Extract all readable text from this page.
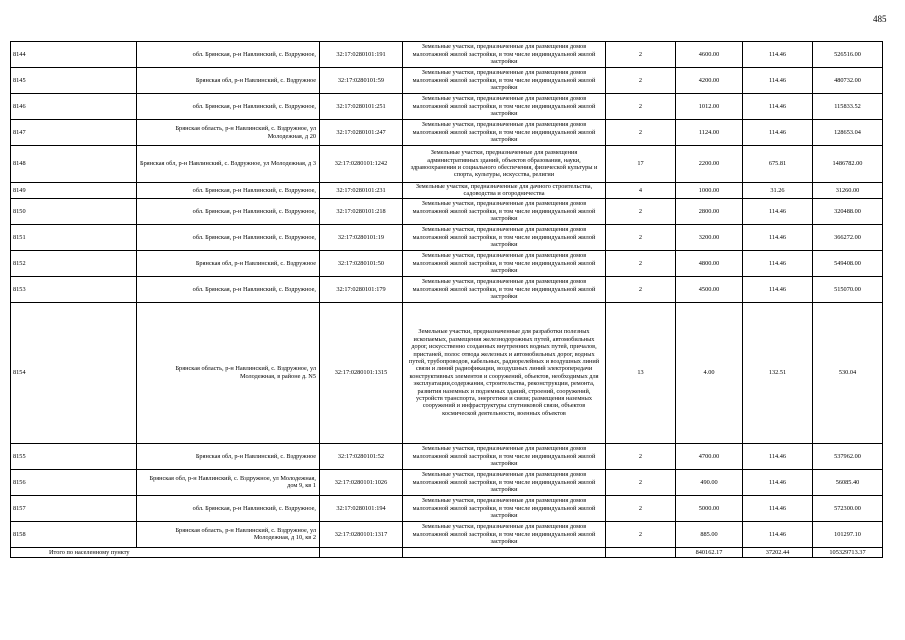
485
8144	обл. Брянская, р-н Навлинский, с. Вздружное,	32:17:0280101:191	Земельные участки, предназначенные для размещения домов малоэтажной жилой застройки, в том числе индивидуальной жилой застройки	2	4600.00	114.46	526516.00
8145	Брянская обл, р-н Навлинский, с. Вздружное	32:17:0280101:59	Земельные участки, предназначенные для размещения домов малоэтажной жилой застройки, в том числе индивидуальной жилой застройки	2	4200.00	114.46	480732.00
8146	обл. Брянская, р-н Навлинский, с. Вздружное,	32:17:0280101:251	Земельные участки, предназначенные для размещения домов малоэтажной жилой застройки, в том числе индивидуальной жилой застройки	2	1012.00	114.46	115833.52
8147	Брянская область, р-н Навлинский, с. Вздружное, ул Молодежная, д 20	32:17:0280101:247	Земельные участки, предназначенные для размещения домов малоэтажной жилой застройки, в том числе индивидуальной жилой застройки	2	1124.00	114.46	128653.04
8148	Брянская обл, р-н Навлинский, с. Вздружное, ул Молодежная, д 3	32:17:0280101:1242	Земельные участки, предназначенные для размещения административных зданий, объектов образования, науки, здравоохранения и социального обеспечения, физической культуры и спорта, культуры, искусства, религии	17	2200.00	675.81	1486782.00
8149	обл. Брянская, р-н Навлинский, с. Вздружное,	32:17:0280101:231	Земельные участки, предназначенные для дачного строительства, садоводства и огородничества	4	1000.00	31.26	31260.00
8150	обл. Брянская, р-н Навлинский, с. Вздружное,	32:17:0280101:218	Земельные участки, предназначенные для размещения домов малоэтажной жилой застройки, в том числе индивидуальной жилой застройки	2	2800.00	114.46	320488.00
8151	обл. Брянская, р-н Навлинский, с. Вздружное,	32:17:0280101:19	Земельные участки, предназначенные для размещения домов малоэтажной жилой застройки, в том числе индивидуальной жилой застройки	2	3200.00	114.46	366272.00
8152	Брянская обл, р-н Навлинский, с. Вздружное	32:17:0280101:50	Земельные участки, предназначенные для размещения домов малоэтажной жилой застройки, в том числе индивидуальной жилой застройки	2	4800.00	114.46	549408.00
8153	обл. Брянская, р-н Навлинский, с. Вздружное,	32:17:0280101:179	Земельные участки, предназначенные для размещения домов малоэтажной жилой застройки, в том числе индивидуальной жилой застройки	2	4500.00	114.46	515070.00
8154	Брянская область, р-н Навлинский, с. Вздружное, ул Молодежная, в районе д. N5	32:17:0280101:1315	Земельные участки, предназначенные для разработки полезных ископаемых, размещения железнодорожных путей, автомобильных дорог, искусственно созданных внутренних водных путей, причалов, пристаней, полос отвода железных и автомобильных дорог, водных путей, трубопроводов, кабельных, радиорелейных и воздушных линий связи и линий радиофикации, воздушных линий электропередачи конструктивных элементов и сооружений, объектов, необходимых для эксплуатации,содержания, строительства, реконструкции, ремонта, развития наземных и подземных зданий, строений, сооружений, устройств транспорта, энергетики и связи; размещения наземных сооружений и инфраструктуры спутниковой связи, объектов космической деятельности, военных объектов	13	4.00	132.51	530.04
8155	Брянская обл, р-н Навлинский, с. Вздружное	32:17:0280101:52	Земельные участки, предназначенные для размещения домов малоэтажной жилой застройки, в том числе индивидуальной жилой застройки	2	4700.00	114.46	537962.00
8156	Брянская обл, р-н Навлинский, с. Вздружное, ул Молодежная, дом 9, кв 1	32:17:0280101:1026	Земельные участки, предназначенные для размещения домов малоэтажной жилой застройки, в том числе индивидуальной жилой застройки	2	490.00	114.46	56085.40
8157	обл. Брянская, р-н Навлинский, с. Вздружное,	32:17:0280101:194	Земельные участки, предназначенные для размещения домов малоэтажной жилой застройки, в том числе индивидуальной жилой застройки	2	5000.00	114.46	572300.00
8158	Брянская область, р-н Навлинский, с. Вздружное, ул Молодежная, д 10, кв 2	32:17:0280101:1317	Земельные участки, предназначенные для размещения домов малоэтажной жилой застройки, в том числе индивидуальной жилой застройки	2	885.00	114.46	101297.10
Итого по населенному пункту					840162.17	37202.44	105329713.37
